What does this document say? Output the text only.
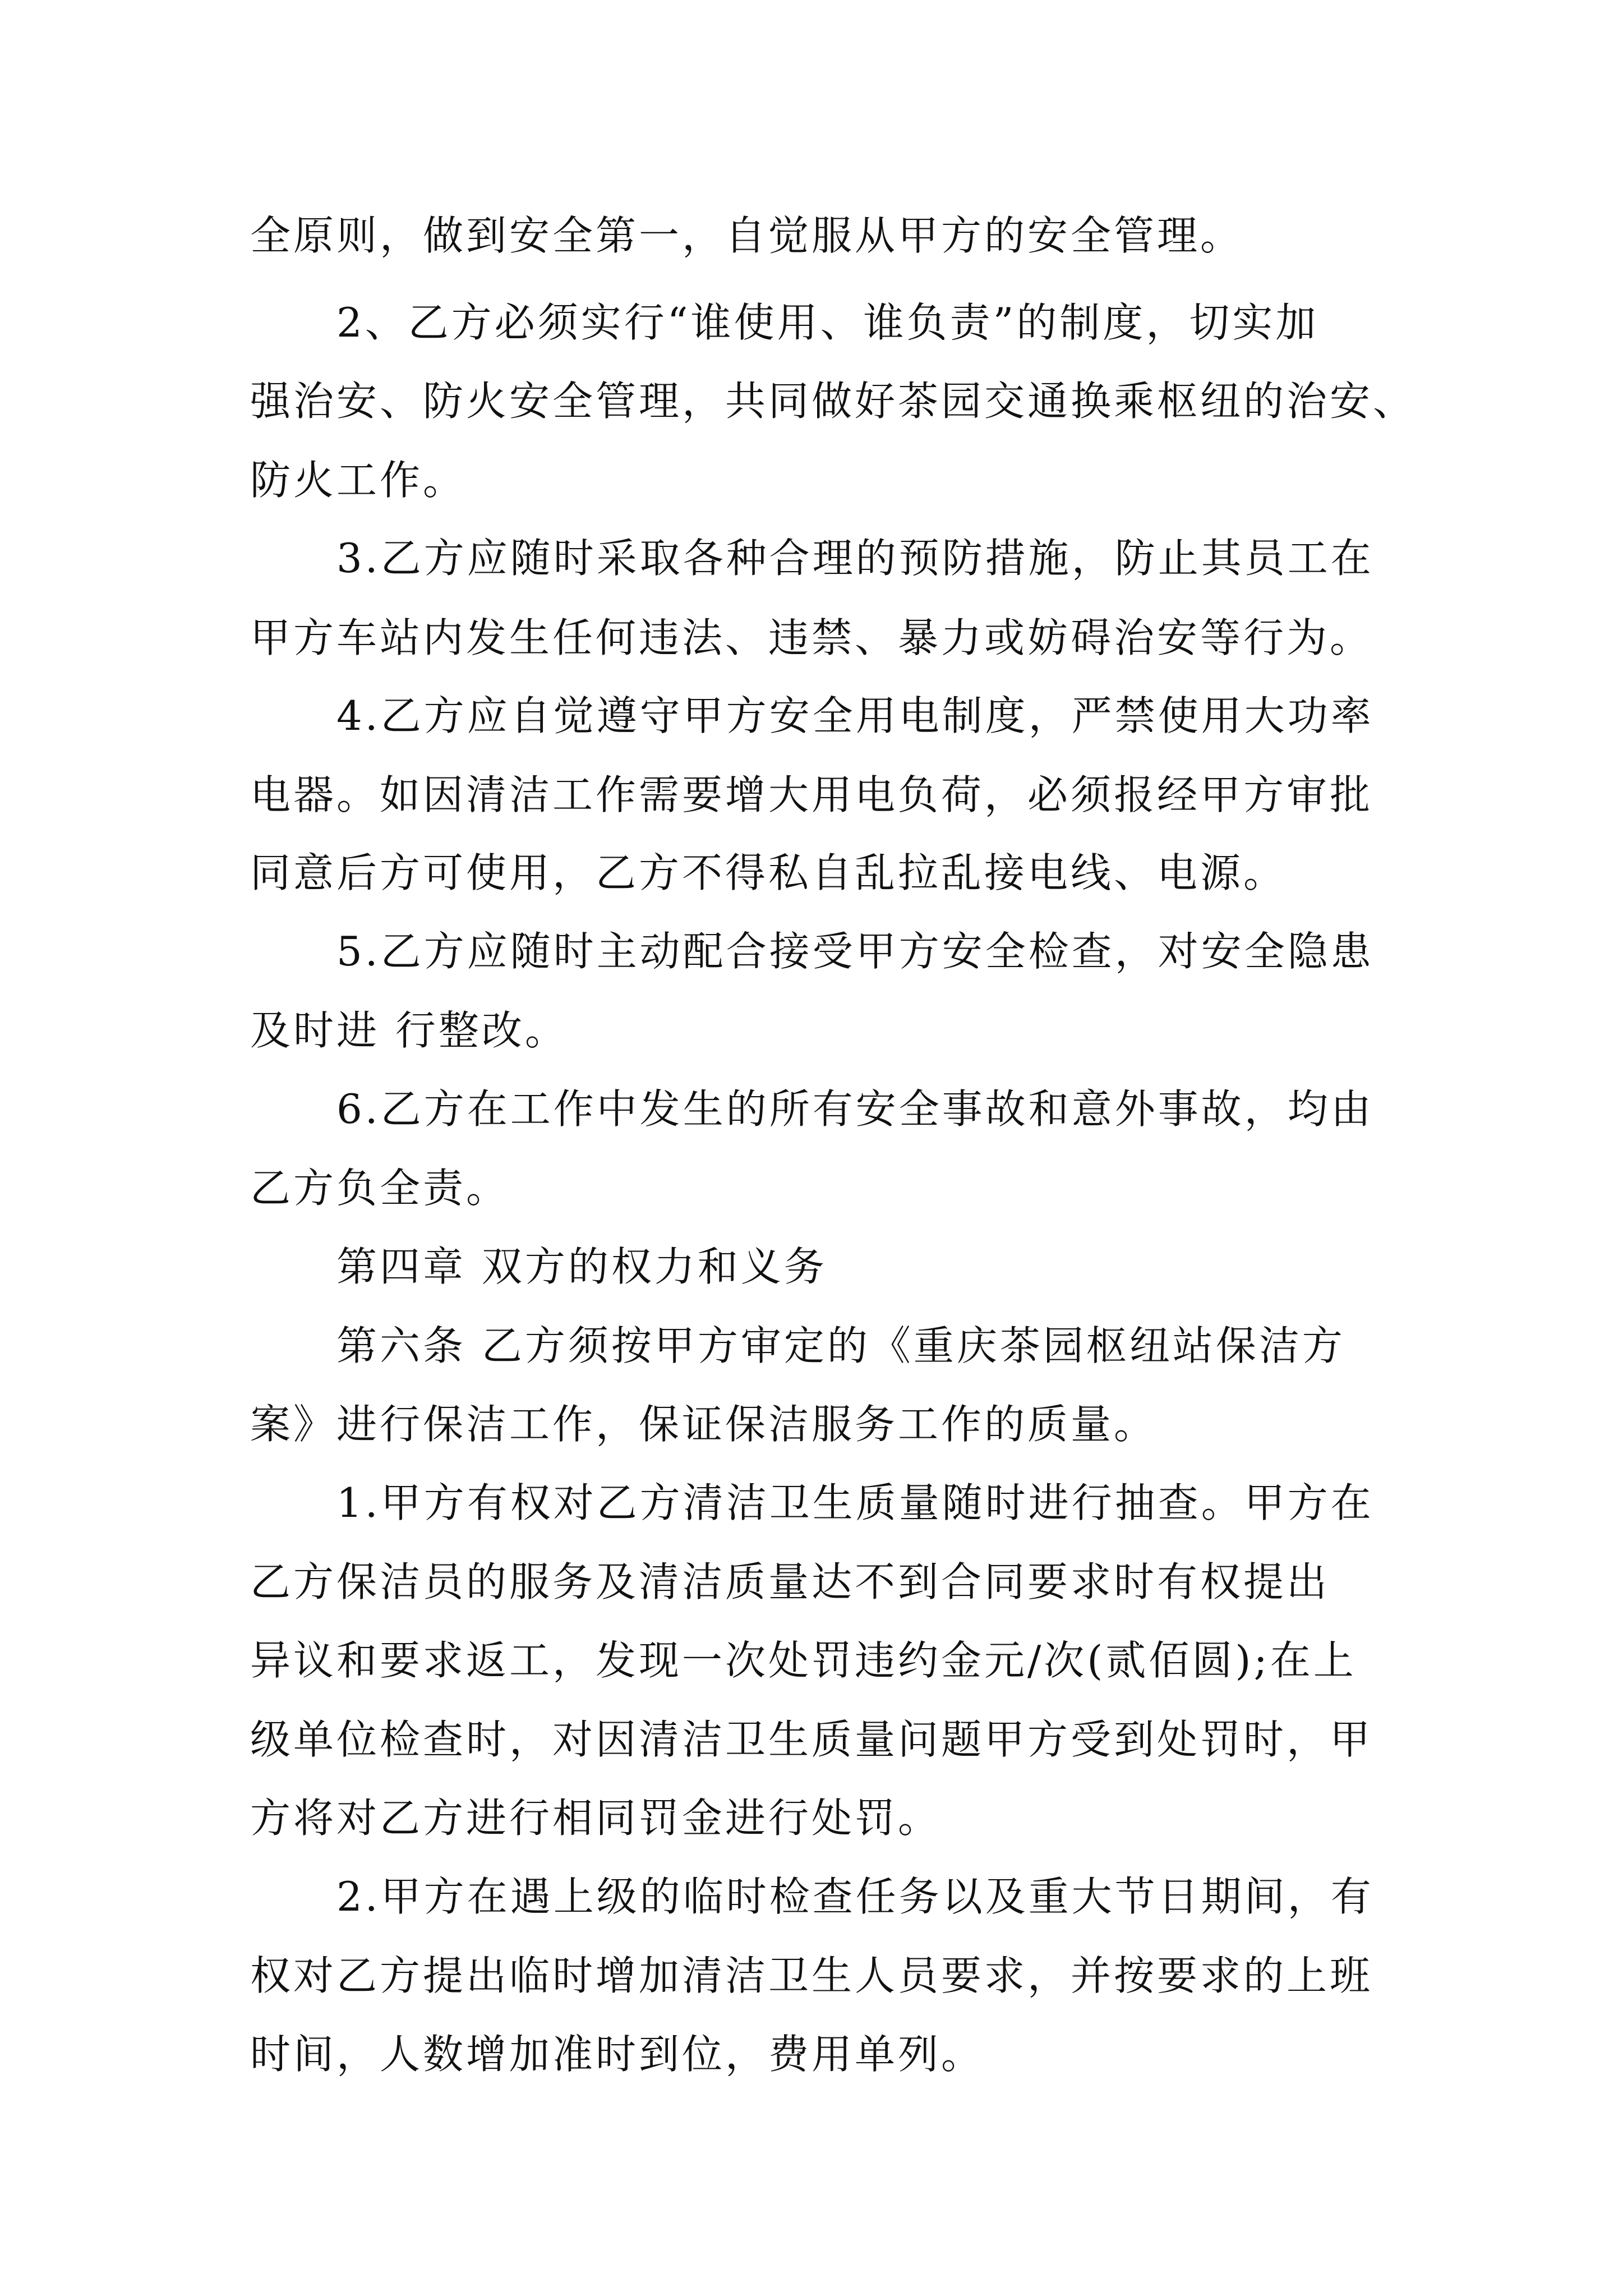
全原则，做到安全第一，自觉服从甲方的安全管理。
2、乙方必须实行“谁使用、谁负责”的制度，切实加
强治安、防火安全管理，共同做好茶园交通换乘枢纽的治安、
防火工作。
3.乙方应随时采取各种合理的预防措施，防止其员工在
甲方车站内发生任何违法、违禁、暴力或妨碍治安等行为。
4.乙方应自觉遵守甲方安全用电制度，严禁使用大功率
电器。如因清洁工作需要增大用电负荷，必须报经甲方审批
同意后方可使用，乙方不得私自乱拉乱接电线、电源。
5.乙方应随时主动配合接受甲方安全检查，对安全隐患
及时进 行整改。
6.乙方在工作中发生的所有安全事故和意外事故，均由
乙方负全责。
第四章 双方的权力和义务
第六条 乙方须按甲方审定的《重庆茶园枢纽站保洁方
案》进行保洁工作，保证保洁服务工作的质量。
1.甲方有权对乙方清洁卫生质量随时进行抽查。甲方在
乙方保洁员的服务及清洁质量达不到合同要求时有权提出
异议和要求返工，发现一次处罚违约金元/次(贰佰圆);在上
级单位检查时，对因清洁卫生质量问题甲方受到处罚时，甲
方将对乙方进行相同罚金进行处罚。
2.甲方在遇上级的临时检查任务以及重大节日期间，有
权对乙方提出临时增加清洁卫生人员要求，并按要求的上班
时间，人数增加准时到位，费用单列。
